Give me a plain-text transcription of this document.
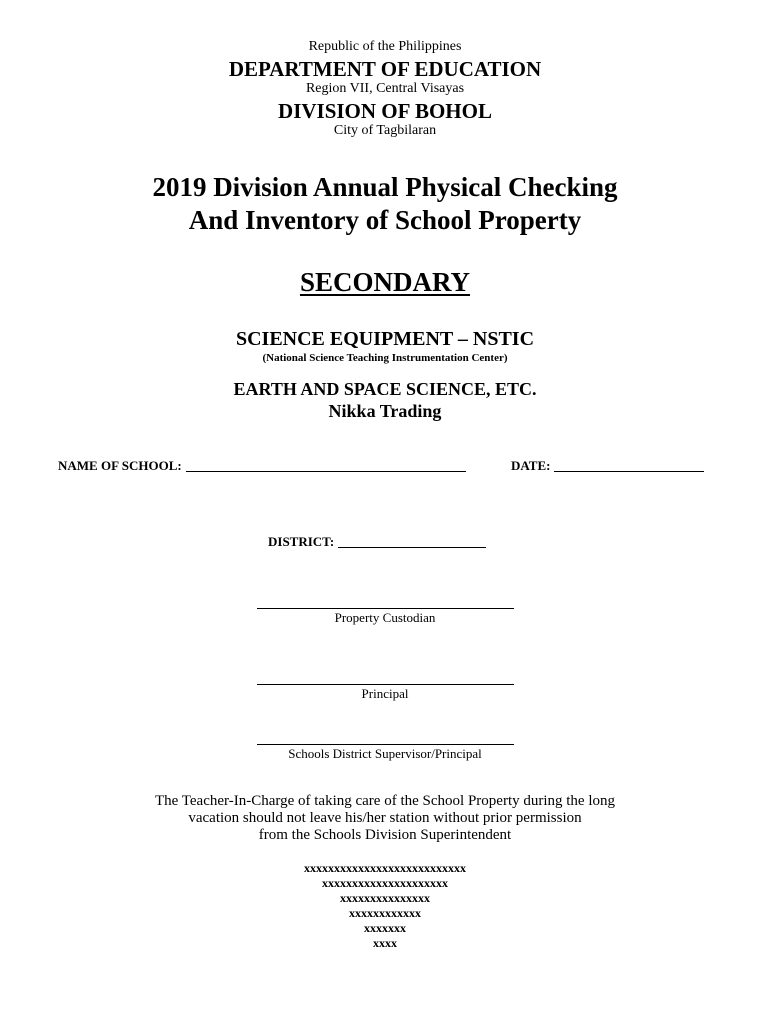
Republic of the Philippines
DEPARTMENT OF EDUCATION
Region VII, Central Visayas
DIVISION OF BOHOL
City of Tagbilaran
2019 Division Annual Physical Checking
And Inventory of School Property
SECONDARY
SCIENCE EQUIPMENT – NSTIC
(National Science Teaching Instrumentation Center)
EARTH AND SPACE SCIENCE, ETC.
Nikka Trading
NAME OF SCHOOL:	DATE:
DISTRICT:
Property Custodian
Principal
Schools District Supervisor/Principal
The Teacher-In-Charge of taking care of the School Property during the long
vacation should not leave his/her station without prior permission
from the Schools Division Superintendent
xxxxxxxxxxxxxxxxxxxxxxxxxxx
xxxxxxxxxxxxxxxxxxxxx
xxxxxxxxxxxxxxx
xxxxxxxxxxxx
xxxxxxx
xxxx
